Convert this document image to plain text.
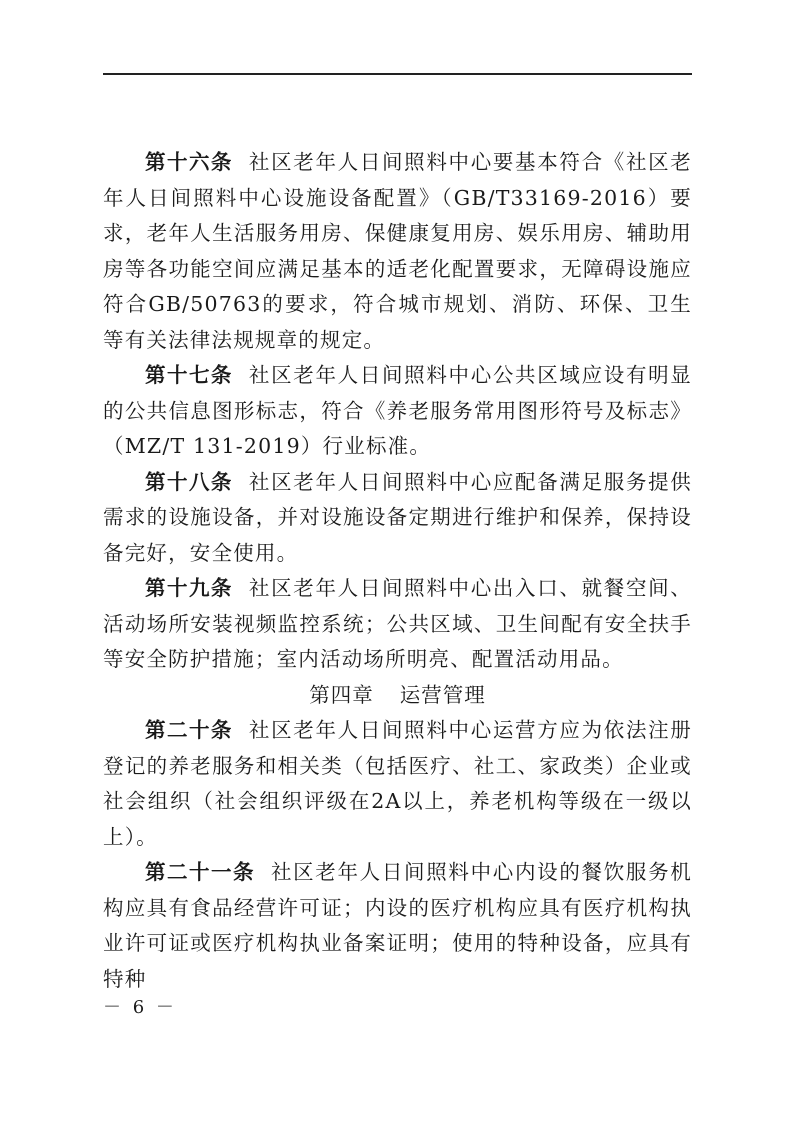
第十六条 社区老年人日间照料中心要基本符合《社区老年人日间照料中心设施设备配置》（GB/T33169-2016）要求，老年人生活服务用房、保健康复用房、娱乐用房、辅助用房等各功能空间应满足基本的适老化配置要求，无障碍设施应符合GB/50763的要求，符合城市规划、消防、环保、卫生等有关法律法规规章的规定。

第十七条 社区老年人日间照料中心公共区域应设有明显的公共信息图形标志，符合《养老服务常用图形符号及标志》（MZ/T 131-2019）行业标准。

第十八条 社区老年人日间照料中心应配备满足服务提供需求的设施设备，并对设施设备定期进行维护和保养，保持设备完好，安全使用。

第十九条 社区老年人日间照料中心出入口、就餐空间、活动场所安装视频监控系统；公共区域、卫生间配有安全扶手等安全防护措施；室内活动场所明亮、配置活动用品。

第四章 运营管理

第二十条 社区老年人日间照料中心运营方应为依法注册登记的养老服务和相关类（包括医疗、社工、家政类）企业或社会组织（社会组织评级在2A以上，养老机构等级在一级以上）。

第二十一条 社区老年人日间照料中心内设的餐饮服务机构应具有食品经营许可证；内设的医疗机构应具有医疗机构执业许可证或医疗机构执业备案证明；使用的特种设备，应具有特种

－ 6 －
